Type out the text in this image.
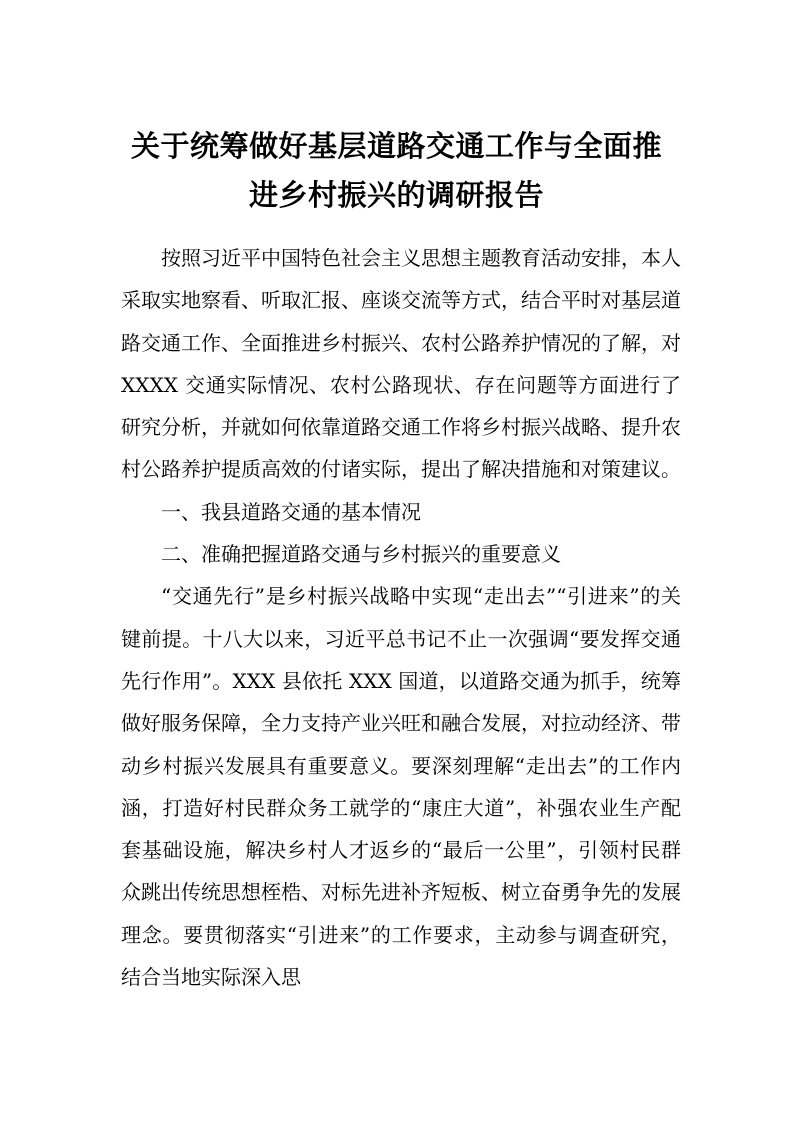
关于统筹做好基层道路交通工作与全面推
进乡村振兴的调研报告

按照习近平中国特色社会主义思想主题教育活动安排，本人采取实地察看、听取汇报、座谈交流等方式，结合平时对基层道路交通工作、全面推进乡村振兴、农村公路养护情况的了解，对 XXXX 交通实际情况、农村公路现状、存在问题等方面进行了研究分析，并就如何依靠道路交通工作将乡村振兴战略、提升农村公路养护提质高效的付诸实际，提出了解决措施和对策建议。

一、我县道路交通的基本情况

二、准确把握道路交通与乡村振兴的重要意义

“交通先行”是乡村振兴战略中实现“走出去”“引进来”的关键前提。十八大以来，习近平总书记不止一次强调“要发挥交通先行作用”。XXX 县依托 XXX 国道，以道路交通为抓手，统筹做好服务保障，全力支持产业兴旺和融合发展，对拉动经济、带动乡村振兴发展具有重要意义。要深刻理解“走出去”的工作内涵，打造好村民群众务工就学的“康庄大道”，补强农业生产配套基础设施，解决乡村人才返乡的“最后一公里”，引领村民群众跳出传统思想桎梏、对标先进补齐短板、树立奋勇争先的发展理念。要贯彻落实“引进来”的工作要求，主动参与调查研究，结合当地实际深入思
